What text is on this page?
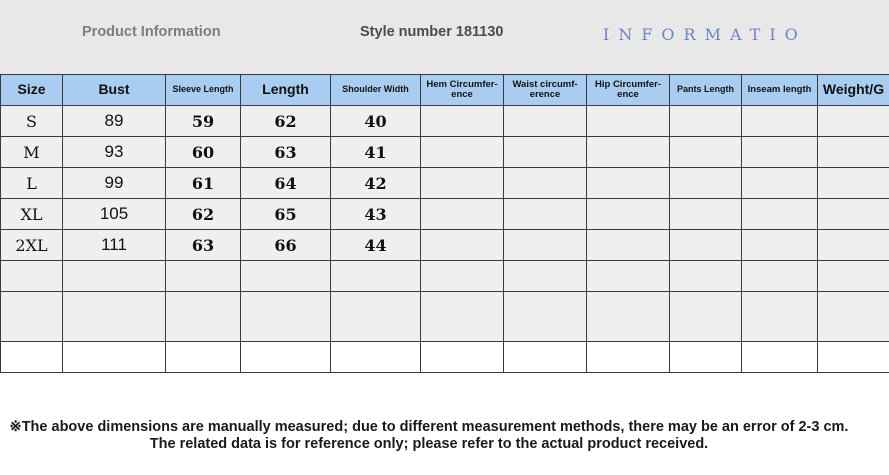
Product Information	Style number 181130	INFORMATIO
Size	Bust	Sleeve Length	Length	Shoulder Width	Hem Circumfer-ence	Waist circumf-erence	Hip Circumfer-ence	Pants Length	Inseam length	Weight/G
S	89	59	62	40						
M	93	60	63	41						
L	99	61	64	42						
XL	105	62	65	43						
2XL	111	63	66	44						

※The above dimensions are manually measured; due to different measurement methods, there may be an error of 2-3 cm.
The related data is for reference only; please refer to the actual product received.
